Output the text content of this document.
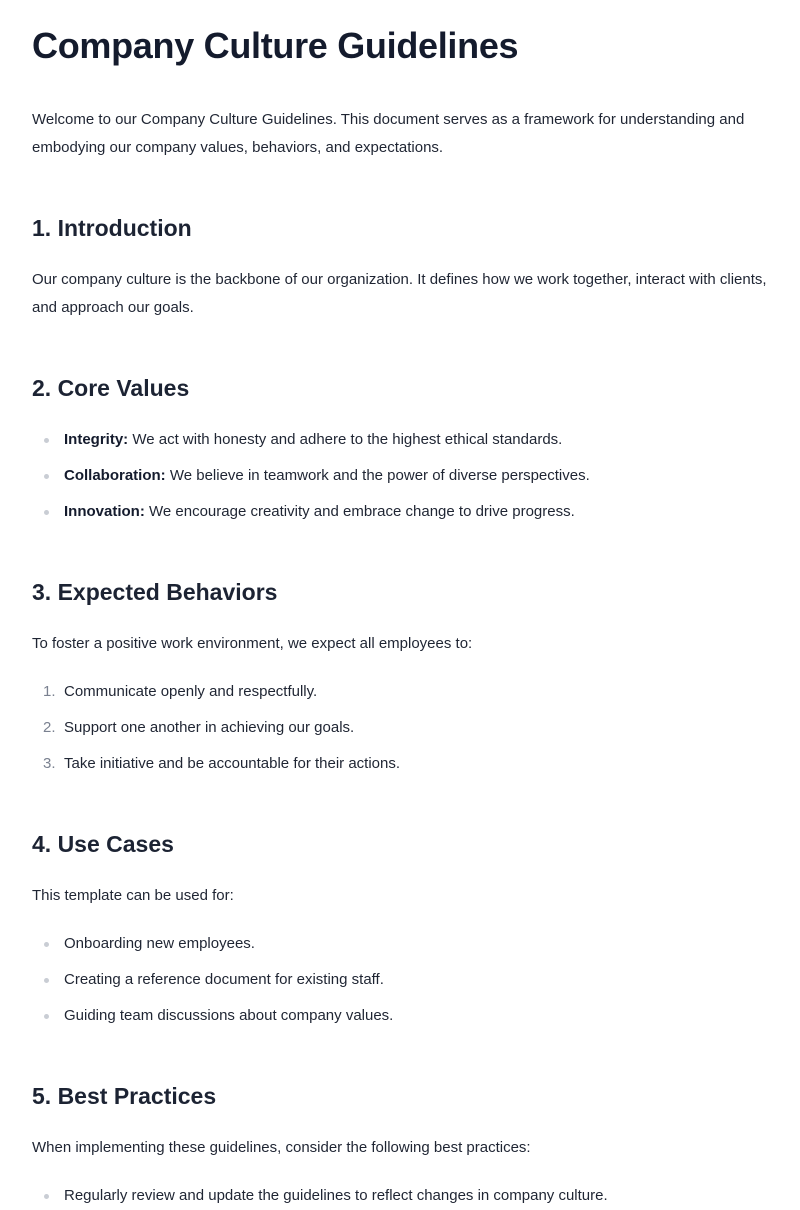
Company Culture Guidelines

Welcome to our Company Culture Guidelines. This document serves as a framework for understanding and embodying our company values, behaviors, and expectations.

1. Introduction

Our company culture is the backbone of our organization. It defines how we work together, interact with clients, and approach our goals.

2. Core Values
Integrity: We act with honesty and adhere to the highest ethical standards.
Collaboration: We believe in teamwork and the power of diverse perspectives.
Innovation: We encourage creativity and embrace change to drive progress.
3. Expected Behaviors

To foster a positive work environment, we expect all employees to:

1. Communicate openly and respectfully.
2. Support one another in achieving our goals.
3. Take initiative and be accountable for their actions.
4. Use Cases

This template can be used for:

Onboarding new employees.
Creating a reference document for existing staff.
Guiding team discussions about company values.
5. Best Practices

When implementing these guidelines, consider the following best practices:

Regularly review and update the guidelines to reflect changes in company culture.
